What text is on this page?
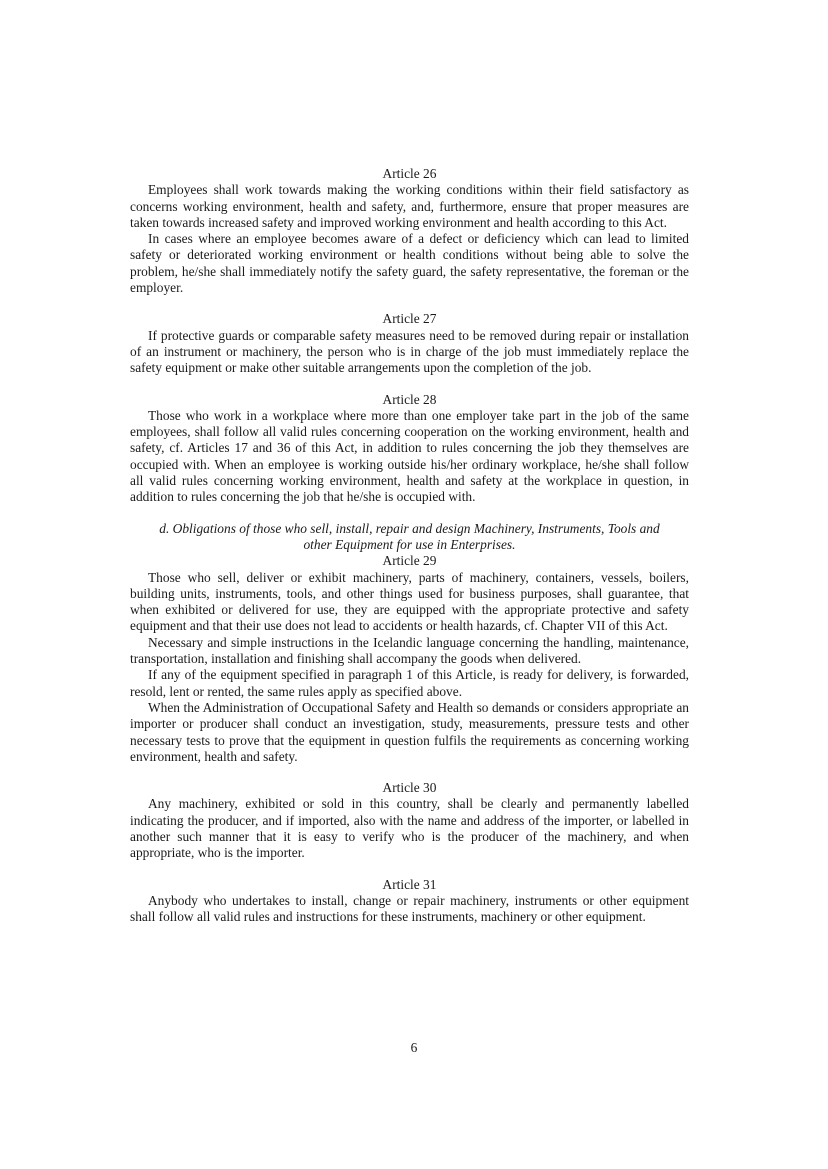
Article 26

Employees shall work towards making the working conditions within their field satisfactory as concerns working environment, health and safety, and, furthermore, ensure that proper measures are taken towards increased safety and improved working environment and health according to this Act.

In cases where an employee becomes aware of a defect or deficiency which can lead to limited safety or deteriorated working environment or health conditions without being able to solve the problem, he/she shall immediately notify the safety guard, the safety representative, the foreman or the employer.

Article 27

If protective guards or comparable safety measures need to be removed during repair or installation of an instrument or machinery, the person who is in charge of the job must immediately replace the safety equipment or make other suitable arrangements upon the completion of the job.

Article 28

Those who work in a workplace where more than one employer take part in the job of the same employees, shall follow all valid rules concerning cooperation on the working environment, health and safety, cf. Articles 17 and 36 of this Act, in addition to rules concerning the job they themselves are occupied with. When an employee is working outside his/her ordinary workplace, he/she shall follow all valid rules concerning working environment, health and safety at the workplace in question, in addition to rules concerning the job that he/she is occupied with.

d. Obligations of those who sell, install, repair and design Machinery, Instruments, Tools and
other Equipment for use in Enterprises.

Article 29

Those who sell, deliver or exhibit machinery, parts of machinery, containers, vessels, boilers, building units, instruments, tools, and other things used for business purposes, shall guarantee, that when exhibited or delivered for use, they are equipped with the appropriate protective and safety equipment and that their use does not lead to accidents or health hazards, cf. Chapter VII of this Act.

Necessary and simple instructions in the Icelandic language concerning the handling, maintenance, transportation, installation and finishing shall accompany the goods when delivered.

If any of the equipment specified in paragraph 1 of this Article, is ready for delivery, is forwarded, resold, lent or rented, the same rules apply as specified above.

When the Administration of Occupational Safety and Health so demands or considers appropriate an importer or producer shall conduct an investigation, study, measurements, pressure tests and other necessary tests to prove that the equipment in question fulfils the requirements as concerning working environment, health and safety.

Article 30

Any machinery, exhibited or sold in this country, shall be clearly and permanently labelled indicating the producer, and if imported, also with the name and address of the importer, or labelled in another such manner that it is easy to verify who is the producer of the machinery, and when appropriate, who is the importer.

Article 31

Anybody who undertakes to install, change or repair machinery, instruments or other equipment shall follow all valid rules and instructions for these instruments, machinery or other equipment.

6
